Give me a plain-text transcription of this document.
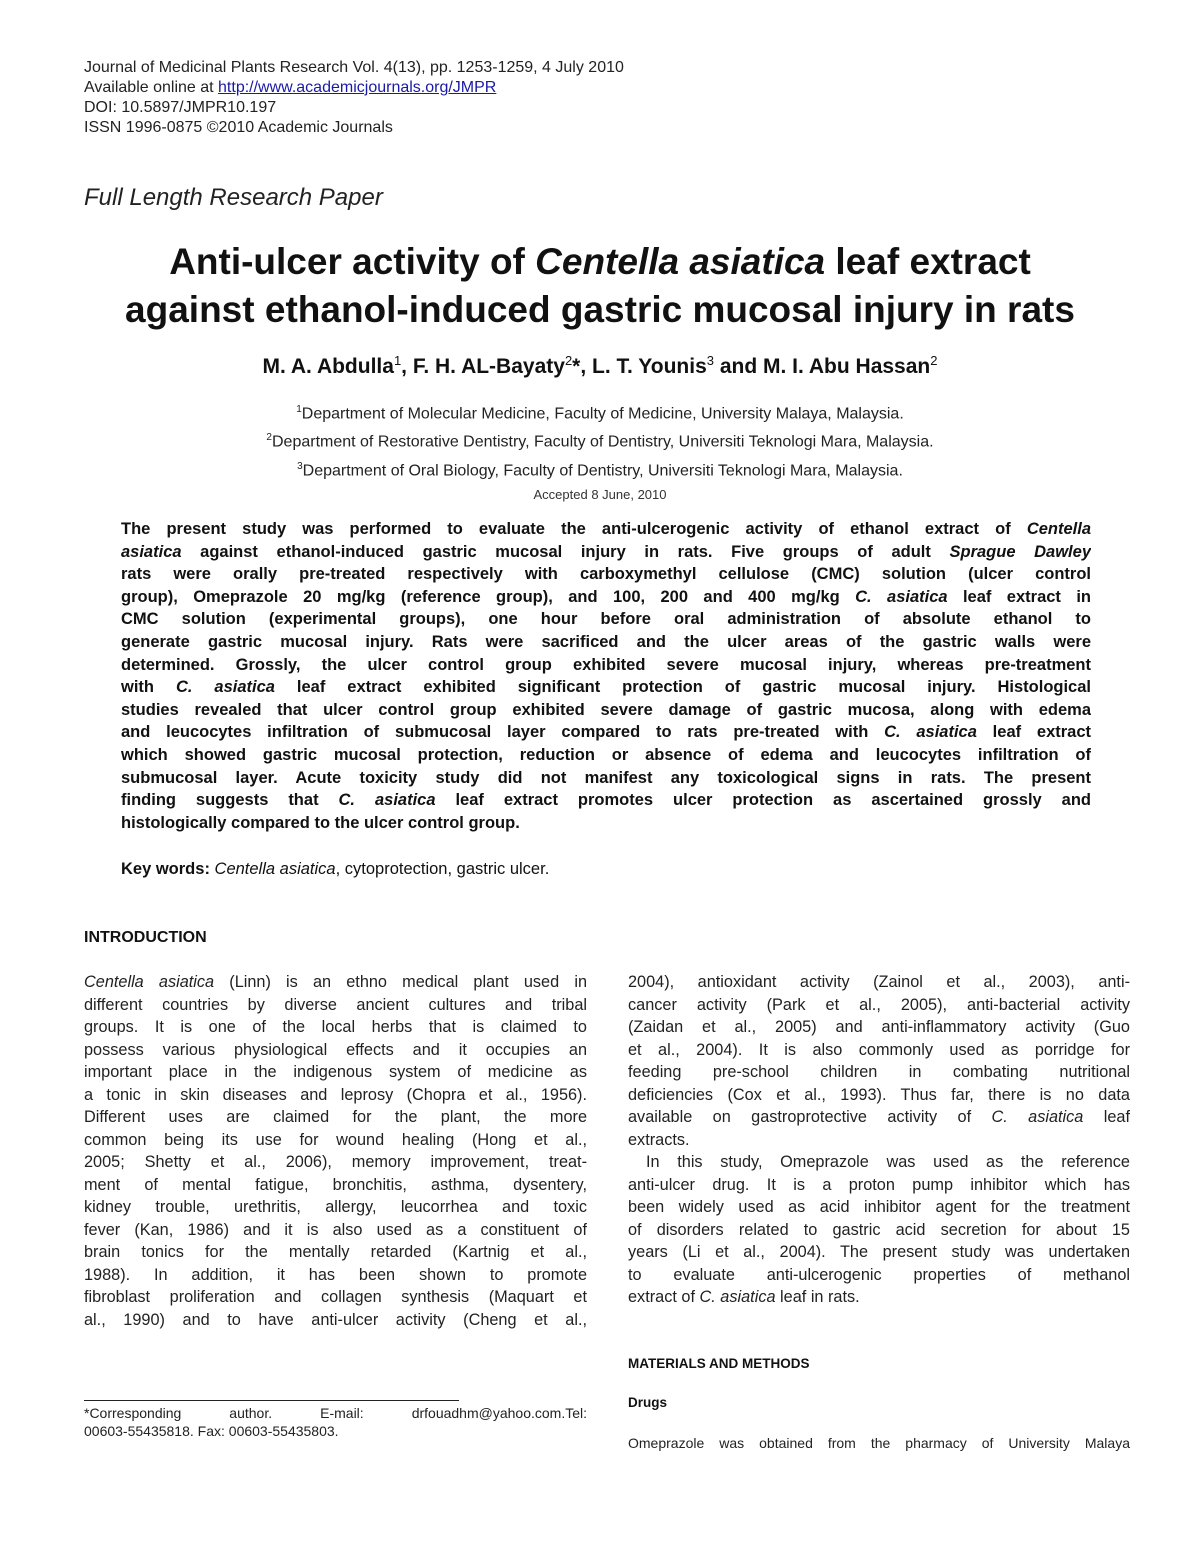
Journal of Medicinal Plants Research Vol. 4(13), pp. 1253-1259, 4 July 2010
Available online at http://www.academicjournals.org/JMPR
DOI: 10.5897/JMPR10.197
ISSN 1996-0875 ©2010 Academic Journals
Full Length Research Paper
Anti-ulcer activity of Centella asiatica leaf extract
against ethanol-induced gastric mucosal injury in rats
M. A. Abdulla$^1$, F. H. AL-Bayaty$^2$*, L. T. Younis$^3$ and M. I. Abu Hassan$^2$
$^1$Department of Molecular Medicine, Faculty of Medicine, University Malaya, Malaysia.
$^2$Department of Restorative Dentistry, Faculty of Dentistry, Universiti Teknologi Mara, Malaysia.
$^3$Department of Oral Biology, Faculty of Dentistry, Universiti Teknologi Mara, Malaysia.
Accepted 8 June, 2010
The present study was performed to evaluate the anti-ulcerogenic activity of ethanol extract of Centella
asiatica against ethanol-induced gastric mucosal injury in rats. Five groups of adult Sprague Dawley
rats were orally pre-treated respectively with carboxymethyl cellulose (CMC) solution (ulcer control
group), Omeprazole 20 mg/kg (reference group), and 100, 200 and 400 mg/kg C. asiatica leaf extract in
CMC solution (experimental groups), one hour before oral administration of absolute ethanol to
generate gastric mucosal injury. Rats were sacrificed and the ulcer areas of the gastric walls were
determined. Grossly, the ulcer control group exhibited severe mucosal injury, whereas pre-treatment
with C. asiatica leaf extract exhibited significant protection of gastric mucosal injury. Histological
studies revealed that ulcer control group exhibited severe damage of gastric mucosa, along with edema
and leucocytes infiltration of submucosal layer compared to rats pre-treated with C. asiatica leaf extract
which showed gastric mucosal protection, reduction or absence of edema and leucocytes infiltration of
submucosal layer. Acute toxicity study did not manifest any toxicological signs in rats. The present
finding suggests that C. asiatica leaf extract promotes ulcer protection as ascertained grossly and
histologically compared to the ulcer control group.
Key words: Centella asiatica, cytoprotection, gastric ulcer.
INTRODUCTION
Centella asiatica (Linn) is an ethno medical plant used in
different countries by diverse ancient cultures and tribal
groups. It is one of the local herbs that is claimed to
possess various physiological effects and it occupies an
important place in the indigenous system of medicine as
a tonic in skin diseases and leprosy (Chopra et al., 1956).
Different uses are claimed for the plant, the more
common being its use for wound healing (Hong et al.,
2005; Shetty et al., 2006), memory improvement, treat-
ment of mental fatigue, bronchitis, asthma, dysentery,
kidney trouble, urethritis, allergy, leucorrhea and toxic
fever (Kan, 1986) and it is also used as a constituent of
brain tonics for the mentally retarded (Kartnig et al.,
1988). In addition, it has been shown to promote
fibroblast proliferation and collagen synthesis (Maquart et
al., 1990) and to have anti-ulcer activity (Cheng et al.,
2004), antioxidant activity (Zainol et al., 2003), anti-
cancer activity (Park et al., 2005), anti-bacterial activity
(Zaidan et al., 2005) and anti-inflammatory activity (Guo
et al., 2004). It is also commonly used as porridge for
feeding pre-school children in combating nutritional
deficiencies (Cox et al., 1993). Thus far, there is no data
available on gastroprotective activity of C. asiatica leaf
extracts.
In this study, Omeprazole was used as the reference
anti-ulcer drug. It is a proton pump inhibitor which has
been widely used as acid inhibitor agent for the treatment
of disorders related to gastric acid secretion for about 15
years (Li et al., 2004). The present study was undertaken
to evaluate anti-ulcerogenic properties of methanol
extract of C. asiatica leaf in rats.
MATERIALS AND METHODS
Drugs
Omeprazole was obtained from the pharmacy of University Malaya
*Corresponding author. E-mail: drfouadhm@yahoo.com.Tel:
00603-55435818. Fax: 00603-55435803.
